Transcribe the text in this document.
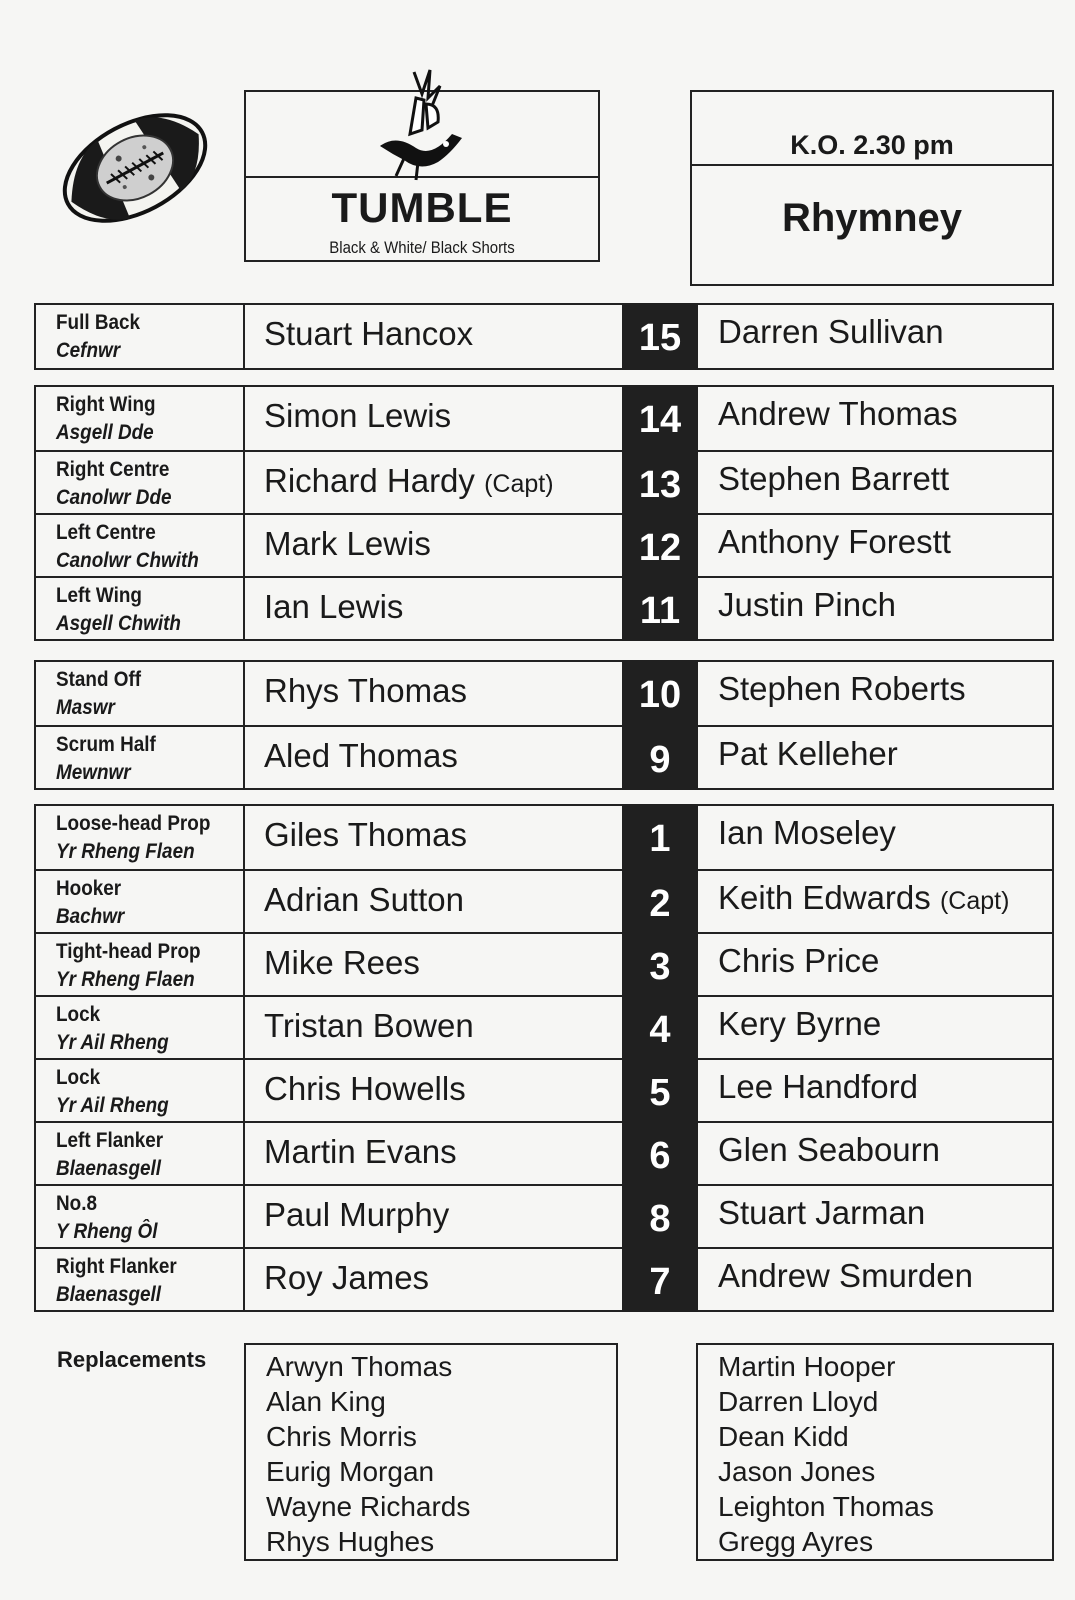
TUMBLE
Black & White/ Black Shorts
K.O. 2.30 pm
Rhymney
Full Back
Cefnwr	Stuart Hancox	15	Darren Sullivan
Right Wing
Asgell Dde	Simon Lewis	14	Andrew Thomas
Right Centre
Canolwr Dde	Richard Hardy (Capt)	13	Stephen Barrett
Left Centre
Canolwr Chwith	Mark Lewis	12	Anthony Forestt
Left Wing
Asgell Chwith	Ian Lewis	11	Justin Pinch
Stand Off
Maswr	Rhys Thomas	10	Stephen Roberts
Scrum Half
Mewnwr	Aled Thomas	9	Pat Kelleher
Loose-head Prop
Yr Rheng Flaen	Giles Thomas	1	Ian Moseley
Hooker
Bachwr	Adrian Sutton	2	Keith Edwards (Capt)
Tight-head Prop
Yr Rheng Flaen	Mike Rees	3	Chris Price
Lock
Yr Ail Rheng	Tristan Bowen	4	Kery Byrne
Lock
Yr Ail Rheng	Chris Howells	5	Lee Handford
Left Flanker
Blaenasgell	Martin Evans	6	Glen Seabourn
No.8
Y Rheng Ôl	Paul Murphy	8	Stuart Jarman
Right Flanker
Blaenasgell	Roy James	7	Andrew Smurden
Replacements Arwyn Thomas
Alan King
Chris Morris
Eurig Morgan
Wayne Richards
Rhys Hughes
Martin Hooper
Darren Lloyd
Dean Kidd
Jason Jones
Leighton Thomas
Gregg Ayres
